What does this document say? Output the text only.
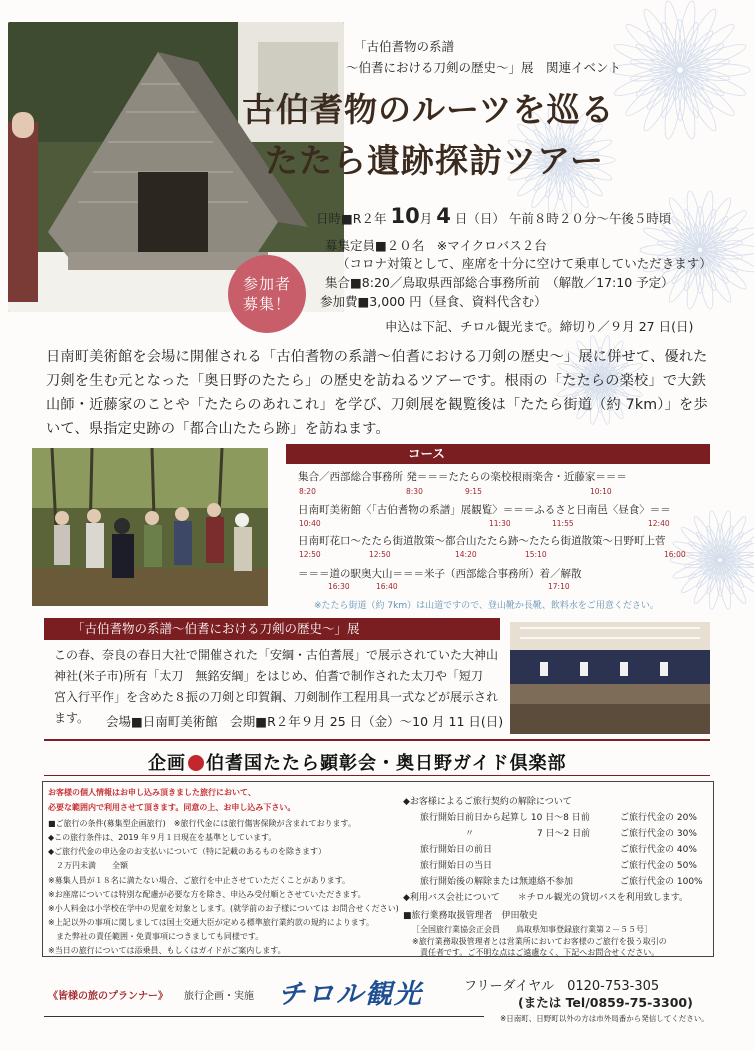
参加者
募集！
「古伯耆物の系譜
～伯耆における刀剣の歴史～」展　関連イベント
古伯耆物のルーツを巡る
たたら遺跡探訪ツアー
日時■R２年 10月 4 日（日） 午前８時２０分～午後５時頃
募集定員■２０名　※マイクロバス２台
（コロナ対策として、座席を十分に空けて乗車していただきます）
集合■8:20／鳥取県西部総合事務所前　（解散／17:10 予定）
参加費■3,000 円（昼食、資料代含む）
申込は下記、チロル観光まで。締切り／９月 27 日(日)
日南町美術館を会場に開催される「古伯耆物の系譜～伯耆における刀剣の歴史～」展に併せて、優れた刀剣を生む元となった「奥日野のたたら」の歴史を訪ねるツアーです。根雨の「たたらの楽校」で大鉄山師・近藤家のことや「たたらのあれこれ」を学び、刀剣展を観覧後は「たたら街道（約 7km）」を歩いて、県指定史跡の「都合山たたら跡」を訪ねます。
コース
集合／西部総合事務所 発＝＝＝たたらの楽校根雨楽舎・近藤家＝＝＝
8:20	8:30	9:15	10:10
日南町美術館〈「古伯耆物の系譜」展観覧〉＝＝＝ふるさと日南邑〈昼食〉＝＝
10:40	11:30	11:55	12:40
日南町花口～たたら街道散策～都合山たたら跡～たたら街道散策～日野町上菅
12:50	12:50	14:20	15:10	16:00
＝＝＝道の駅奥大山＝＝＝米子（西部総合事務所）着／解散
16:30	16:40	17:10
※たたら街道（約 7km）は山道ですので、登山靴か長靴、飲料水をご用意ください。
「古伯耆物の系譜～伯耆における刀剣の歴史～」展
この春、奈良の春日大社で開催された「安綱・古伯耆展」で展示されていた大神山神社(米子市)所有「太刀　無銘安綱」をはじめ、伯耆で制作された太刀や「短刀　宮入行平作」を含めた８振の刀剣と印賀鋼、刀剣制作工程用具一式などが展示されます。	会場■日南町美術館　会期■R２年９月 25 日（金）～10 月 11 日(日)
企画 伯耆国たたら顕彰会・奥日野ガイド倶楽部
お客様の個人情報はお申し込み頂きました旅行において、
必要な範囲内で利用させて頂きます。同意の上、お申し込み下さい。
■ご旅行の条件(募集型企画旅行)　※旅行代金には旅行傷害保険が含まれております。
◆この旅行条件は、2019 年９月１日現在を基準としています。
◆ご旅行代金の申込金のお支払いについて（特に記載のあるものを除きます）
　２万円未満　　全額
※募集人員が１８名に満たない場合、ご旅行を中止させていただくことがあります。
※お座席については特別な配慮が必要な方を除き、申込み受付順とさせていただきます。
※小人料金は小学校在学中の児童を対象とします。(就学前のお子様については お問合せください)
※上記以外の事項に関しましては国土交通大臣が定める標準旅行業約款の規約によります。
　また弊社の責任範囲・免責事項につきましても同様です。
※当日の旅行については添乗員、もしくはガイドがご案内します。
◆お客様によるご旅行契約の解除について
旅行開始日前日から起算し 10 日～8 日前	ご旅行代金の 20%
〃　　　　　　　7 日～2 日前	ご旅行代金の 30%
旅行開始日の前日	ご旅行代金の 40%
旅行開始日の当日	ご旅行代金の 50%
旅行開始後の解除または無連絡不参加	ご旅行代金の 100%
◆利用バス会社について　　＊チロル観光の貸切バスを利用致します。
■旅行業務取扱管理者　伊田敬史
［全国旅行業協会正会員　　鳥取県知事登録旅行業第２－５５号］
※旅行業務取扱管理者とは営業所においてお客様のご旅行を扱う取引の
　責任者です。ご不明な点はご遠慮なく、下記へお問合せください。
《皆様の旅のプランナー》 旅行企画・実施 チロル観光	フリーダイヤル　0120-753-305
(または Tel/0859-75-3300)
※日南町、日野町以外の方は市外局番から発信してください。
